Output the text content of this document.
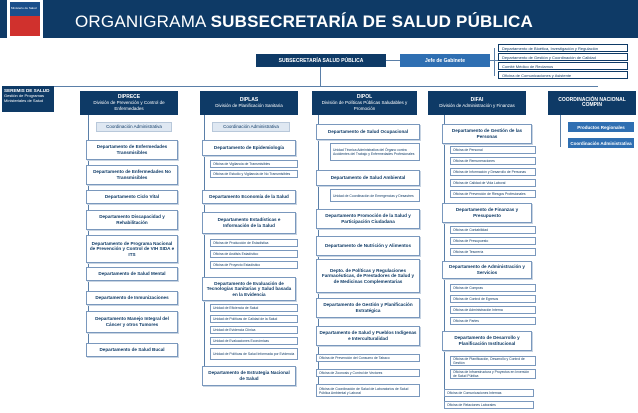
Ministerio de Salud
ORGANIGRAMA SUBSECRETARÍA DE SALUD PÚBLICA
SUBSECRETARÍA SALUD PÚBLICA	Jefe de Gabinete
Departamento de Bioética, Investigación y Regulación
Departamento de Gestión y Coordinación de Calidad
Comité Médico de Reclamos
Oficina de Comunicaciones y Asistente
SEREMIS DE SALUD
Gestión de Programas
Ministeriales de Salud
DIPRECE
División de Prevención y Control de Enfermedades
DIPLAS
División de Planificación Sanitaria
DIPOL
División de Políticas Públicas Saludables y Promoción
DIFAI
División de Administración y Finanzas
COORDINACIÓN NACIONAL COMPIN
Coordinación Administrativa
Departamento de Enfermedades Transmisibles
Departamento de Enfermedades No Transmisibles
Departamento Ciclo Vital
Departamento Discapacidad y Rehabilitación
Departamento de Programa Nacional de Prevención y Control de VIH SIDA e ITS
Departamento de Salud Mental
Departamento de Inmunizaciones
Departamento Manejo Integral del Cáncer y otros Tumores
Departamento de Salud Bucal
Coordinación Administrativa
Departamento de Epidemiología
Oficina de Vigilancia de Transmisibles
Oficina de Estudio y Vigilancia de No Transmisibles
Departamento Economía de la Salud
Departamento Estadísticas e Información de la Salud
Oficina de Producción de Estadística
Oficina de Análisis Estadístico
Oficina de Proyecto Estadístico
Departamento de Evaluación de Tecnologías Sanitarias y Salud basada en la Evidencia
Unidad de Eficiencia de Salud
Unidad de Políticas de Calidad de la Salud
Unidad de Evidencia Clínica
Unidad de Evaluaciones Económicas
Unidad de Políticas de Salud Informada por Evidencia
Departamento de Estrategia Nacional de Salud
Departamento de Salud Ocupacional
Unidad Técnica Administrativa del Órgano contra Accidentes del Trabajo y Enfermedades Profesionales
Departamento de Salud Ambiental
Unidad de Coordinación de Emergencias y Desastres
Departamento Promoción de la Salud y Participación Ciudadana
Departamento de Nutrición y Alimentos
Depto. de Políticas y Regulaciones Farmacéuticas, de Prestadores de Salud y de Medicinas Complementarias
Departamento de Gestión y Planificación Estratégica
Departamento de Salud y Pueblos Indígenas e Interculturalidad
Oficina de Prevención del Consumo de Tabaco
Oficina de Zoonosis y Control de Vectores
Oficina de Coordinación de Salud de Laboratorios de Salud Pública Ambiental y Laboral
Departamento de Gestión de las Personas
Oficina de Personal
Oficina de Remuneraciones
Oficina de Información y Desarrollo de Personas
Oficina de Calidad de Vida Laboral
Oficina de Prevención de Riesgos Profesionales
Departamento de Finanzas y Presupuesto
Oficina de Contabilidad
Oficina de Presupuesto
Oficina de Tesorería
Departamento de Administración y Servicios
Oficina de Compras
Oficina de Control de Egresos
Oficina de Administración Interna
Oficina de Partes
Departamento de Desarrollo y Planificación Institucional
Oficina de Planificación, Desarrollo y Control de Gestión
Oficina de Infraestructura y Proyectos en Inversión de Salud Pública
Oficina de Comunicaciones Internas
Oficina de Relaciones Laborales
Productos Regionales
Coordinación Administrativa
